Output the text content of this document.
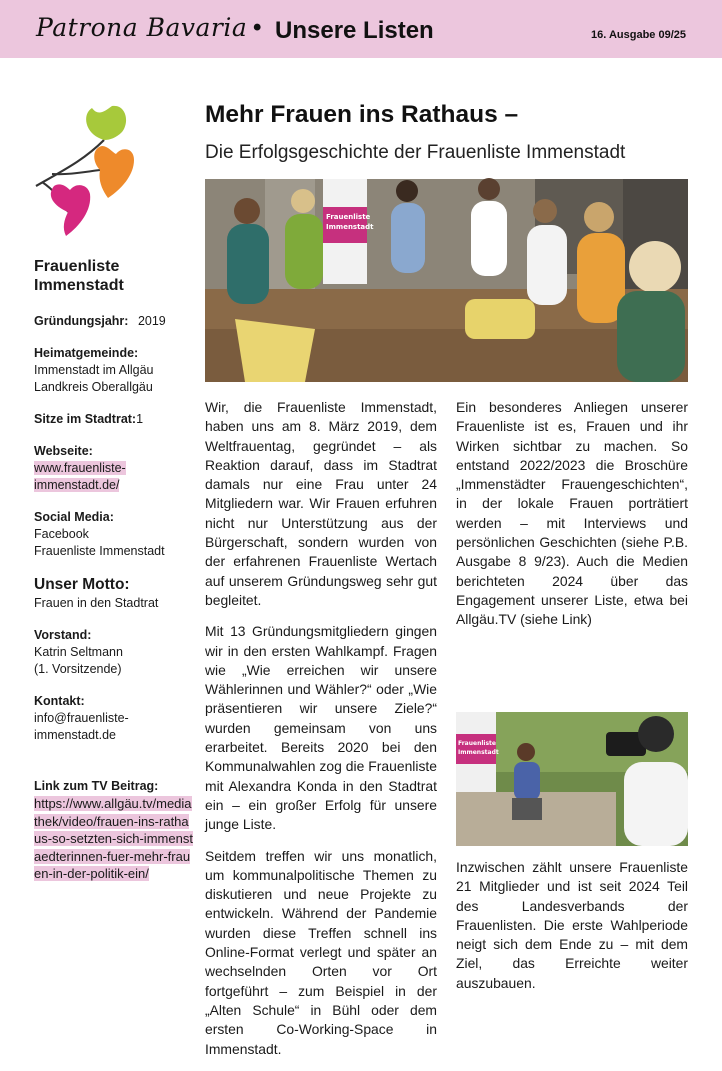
Patrona Bavaria • Unsere Listen	16. Ausgabe 09/25
Frauenliste Immenstadt
Gründungsjahr: 2019
Heimatgemeinde:
Immenstadt im Allgäu
Landkreis Oberallgäu
Sitze im Stadtrat:1
Webseite:
www.frauenliste-
immenstadt.de/
Social Media:
Facebook
Frauenliste Immenstadt
Unser Motto:
Frauen in den Stadtrat
Vorstand:
Katrin Seltmann
(1. Vorsitzende)
Kontakt:
info@frauenliste-
immenstadt.de
Link zum TV Beitrag:
https://www.allgäu.tv/mediathek/video/frauen-ins-rathaus-so-setzten-sich-immenstaedterinnen-fuer-mehr-frauen-in-der-politik-ein/
Mehr Frauen ins Rathaus –
Die Erfolgsgeschichte der Frauenliste Immenstadt
Frauenliste
Immenstadt

Wir, die Frauenliste Immenstadt, haben uns am 8. März 2019, dem Weltfrauentag, gegründet – als Reaktion darauf, dass im Stadtrat damals nur eine Frau unter 24 Mitgliedern war. Wir Frauen erfuhren nicht nur Unterstützung aus der Bürgerschaft, sondern wurden von der erfahrenen Frauenliste Wertach auf unserem Gründungsweg sehr gut begleitet.

Mit 13 Gründungsmitgliedern gingen wir in den ersten Wahlkampf. Fragen wie „Wie erreichen wir unsere Wählerinnen und Wähler?“ oder „Wie präsentieren wir unsere Ziele?“ wurden gemeinsam von uns erarbeitet. Bereits 2020 bei den Kommunalwahlen zog die Frauenliste mit Alexandra Konda in den Stadtrat ein – ein großer Erfolg für unsere junge Liste.

Seitdem treffen wir uns monatlich, um kommunalpolitische Themen zu diskutieren und neue Projekte zu entwickeln. Während der Pandemie wurden diese Treffen schnell ins Online-Format verlegt und später an wechselnden Orten vor Ort fortgeführt – zum Beispiel in der „Alten Schule“ in Bühl oder dem ersten Co-Working-Space in Immenstadt.

Ein besonderes Anliegen unserer Frauenliste ist es, Frauen und ihr Wirken sichtbar zu machen. So entstand 2022/2023 die Broschüre „Immenstädter Frauengeschichten“, in der lokale Frauen porträtiert werden – mit Interviews und persönlichen Geschichten (siehe P.B. Ausgabe 8 9/23). Auch die Medien berichteten 2024 über das Engagement unserer Liste, etwa bei Allgäu.TV (siehe Link)

Frauenliste
Immenstadt

Inzwischen zählt unsere Frauenliste 21 Mitglieder und ist seit 2024 Teil des Landesverbands der Frauenlisten. Die erste Wahlperiode neigt sich dem Ende zu – mit dem Ziel, das Erreichte weiter auszubauen.
